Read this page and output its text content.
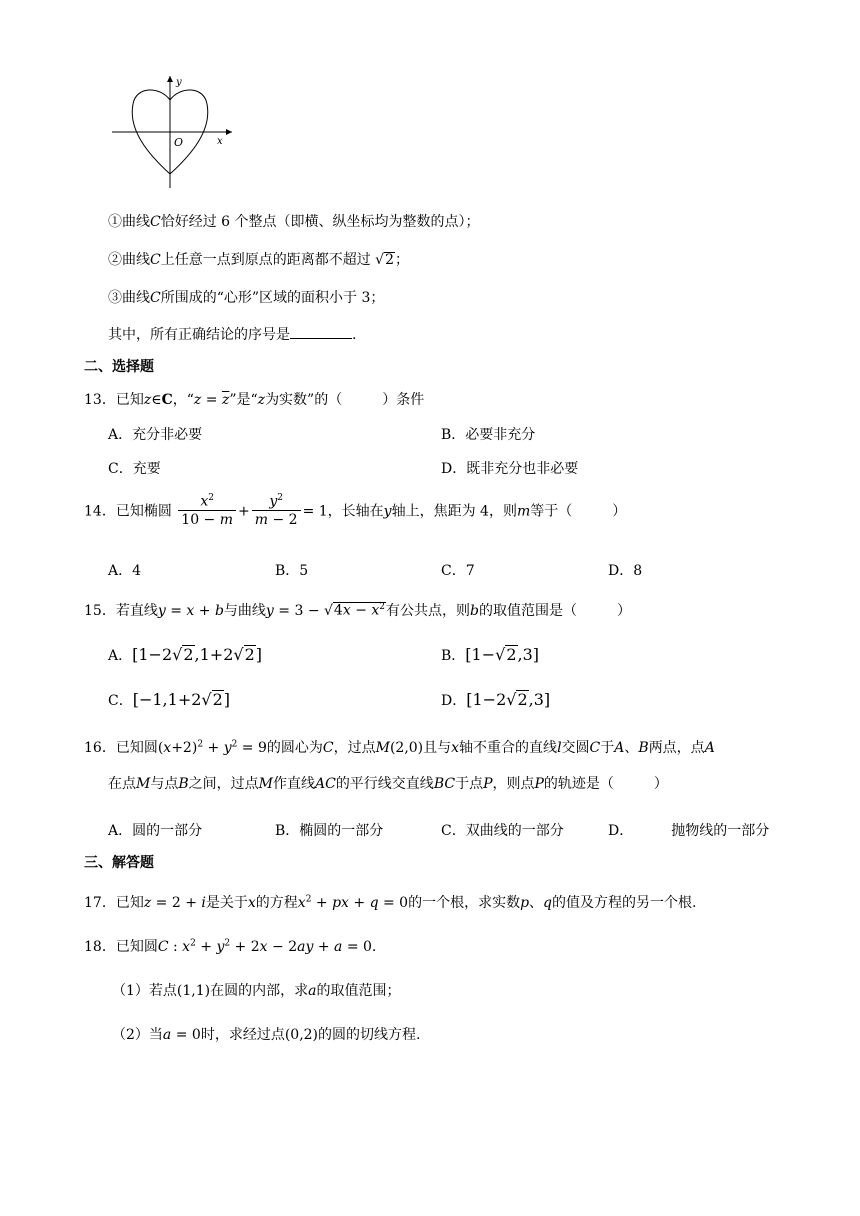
y
x
O
①曲线C恰好经过 6 个整点（即横、纵坐标均为整数的点）；
②曲线C上任意一点到原点的距离都不超过 √2；
③曲线C所围成的“心形”区域的面积小于 3；
其中，所有正确结论的序号是	.
二、选择题
13．已知z∈C，“$z = \overline{z}$”是“z为实数”的（	）条件
A．充分非必要	B．必要非充分
C．充要	D．既非充分也非必要
14．已知椭圆 $\frac{x^2}{10 - m} + \frac{y^2}{m - 2} = 1$，长轴在y轴上，焦距为 4，则m等于（	）
A．4	B．5	C．7	D．8
15．若直线y = x + b与曲线$y = 3 - √4x - x^2$有公共点，则b的取值范围是（	）
A．[1−2√2,1+2√2]	B．[1−√2,3]
C．[−1,1+2√2]	D．[1−2√2,3]
16．已知圆$(x+2)^2 + y^2 = 9$的圆心为C，过点M(2,0)且与x轴不重合的直线l交圆C于A、B两点，点A
在点M与点B之间，过点M作直线AC的平行线交直线BC于点P，则点P的轨迹是（	）
A．圆的一部分	B．椭圆的一部分	C．双曲线的一部分	D．	抛物线的一部分
三、解答题
17．已知z = 2 + i是关于x的方程$x^2$ + px + q = 0的一个根，求实数p、q的值及方程的另一个根.
18．已知圆C : $x^2 + y^2 + 2x - 2ay + a = 0$.
（1）若点(1,1)在圆的内部，求a的取值范围；
（2）当a = 0时，求经过点(0,2)的圆的切线方程.
